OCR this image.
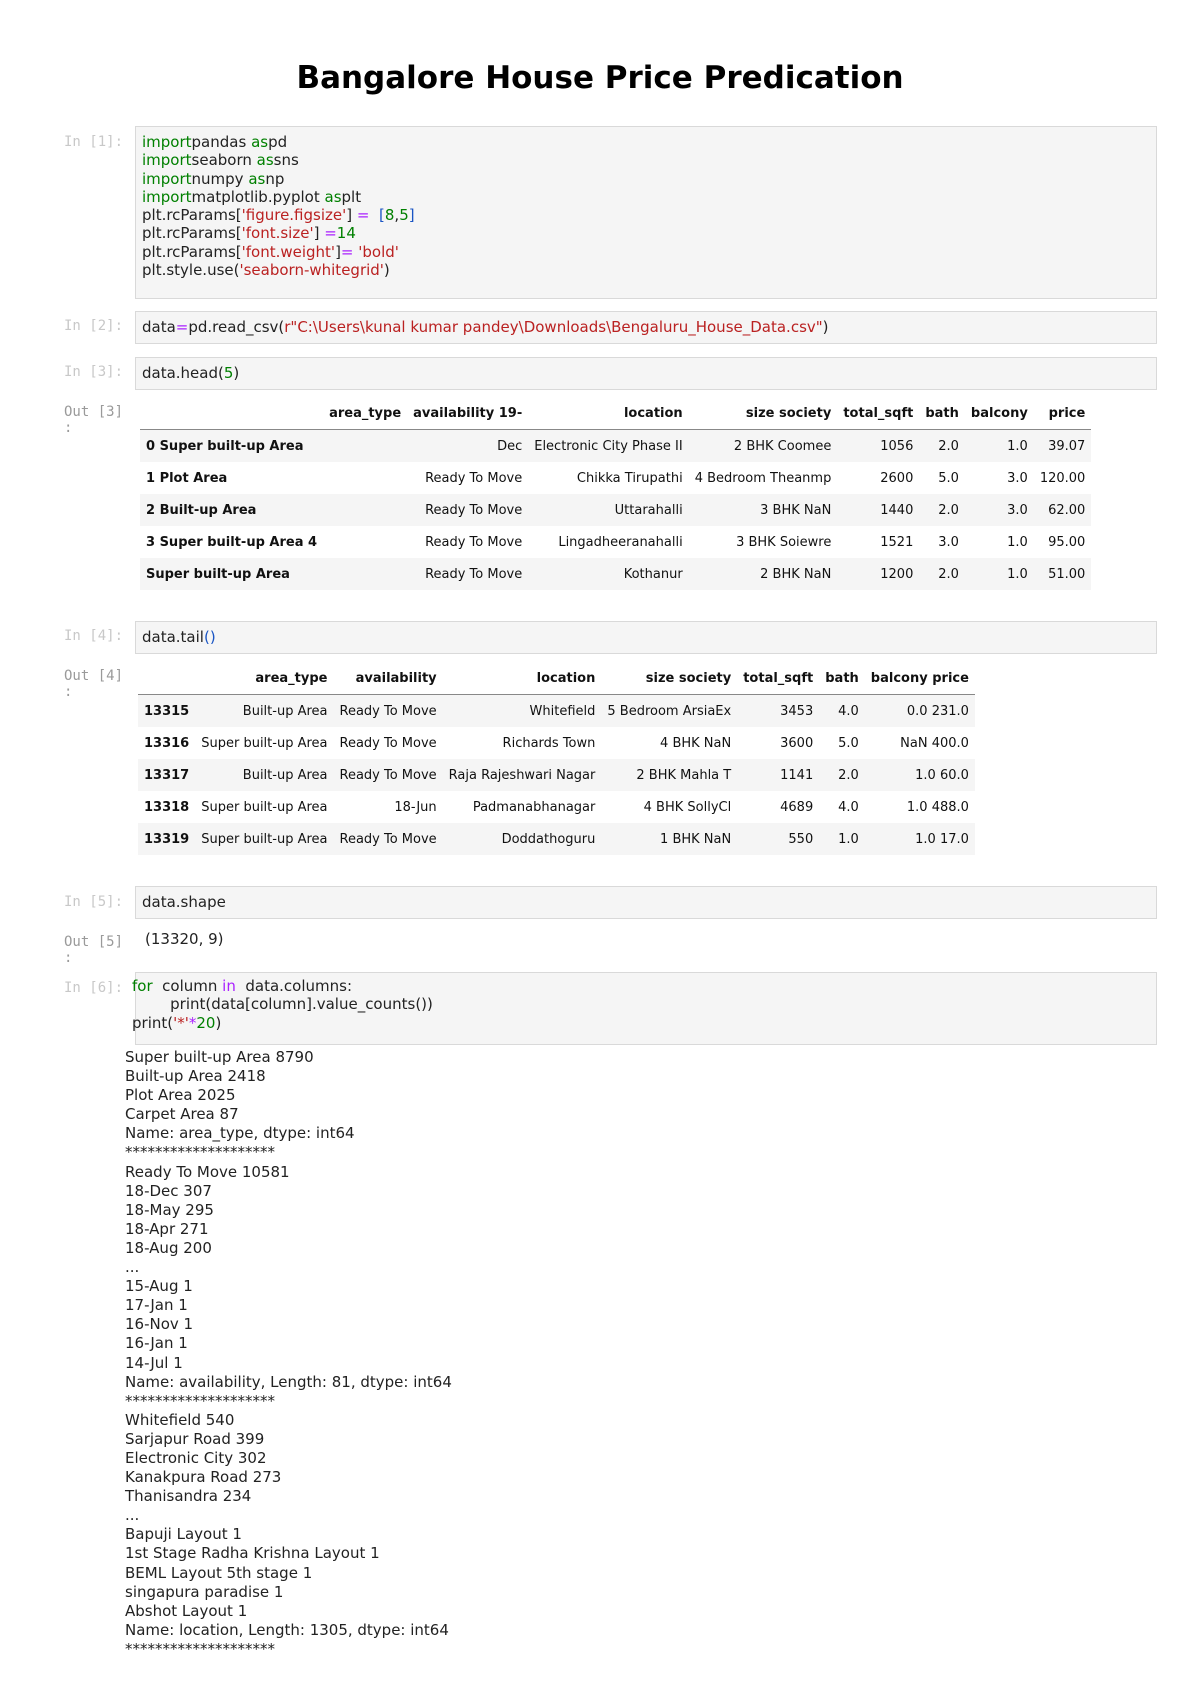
Bangalore House Price Predication
In [1]:	importpandas aspd
importseaborn assns
importnumpy asnp
importmatplotlib.pyplot asplt
plt.rcParams['figure.figsize'] = [8,5]
plt.rcParams['font.size'] =14
plt.rcParams['font.weight']= 'bold'
plt.style.use('seaborn-whitegrid')
In [2]:	data=pd.read_csv(r"C:\Users\kunal kumar pandey\Downloads\Bengaluru_House_Data.csv")
In [3]:	data.head(5)
Out [3] :
	area_type	availability 19-	location	size society	total_sqft	bath	balcony	price
0 Super built-up Area		Dec	Electronic City Phase II	2 BHK Coomee	1056	2.0	1.0	39.07
1 Plot Area		Ready To Move	Chikka Tirupathi	4 Bedroom Theanmp	2600	5.0	3.0	120.00
2 Built-up Area		Ready To Move	Uttarahalli	3 BHK NaN	1440	2.0	3.0	62.00
3 Super built-up Area 4		Ready To Move	Lingadheeranahalli	3 BHK Soiewre	1521	3.0	1.0	95.00
Super built-up Area		Ready To Move	Kothanur	2 BHK NaN	1200	2.0	1.0	51.00
In [4]:	data.tail()
Out [4] :
	area_type	availability	location	size society	total_sqft	bath	balcony price
13315	Built-up Area	Ready To Move	Whitefield	5 Bedroom ArsiaEx	3453	4.0	0.0 231.0
13316	Super built-up Area	Ready To Move	Richards Town	4 BHK NaN	3600	5.0	NaN 400.0
13317	Built-up Area	Ready To Move	Raja Rajeshwari Nagar	2 BHK Mahla T	1141	2.0	1.0 60.0
13318	Super built-up Area	18-Jun	Padmanabhanagar	4 BHK SollyCl	4689	4.0	1.0 488.0
13319	Super built-up Area	Ready To Move	Doddathoguru	1 BHK NaN	550	1.0	1.0 17.0
In [5]:	data.shape
Out [5] :
(13320, 9)
In [6]: for  column in  data.columns:
print(data[column].value_counts())
print('*'*20)
Super built-up Area 8790
Built-up Area 2418
Plot Area 2025
Carpet Area 87
Name: area_type, dtype: int64
********************
Ready To Move 10581
18-Dec 307
18-May 295
18-Apr 271
18-Aug 200
...
15-Aug 1
17-Jan 1
16-Nov 1
16-Jan 1
14-Jul 1
Name: availability, Length: 81, dtype: int64
********************
Whitefield 540
Sarjapur Road 399
Electronic City 302
Kanakpura Road 273
Thanisandra 234
...
Bapuji Layout 1
1st Stage Radha Krishna Layout 1
BEML Layout 5th stage 1
singapura paradise 1
Abshot Layout 1
Name: location, Length: 1305, dtype: int64
********************
